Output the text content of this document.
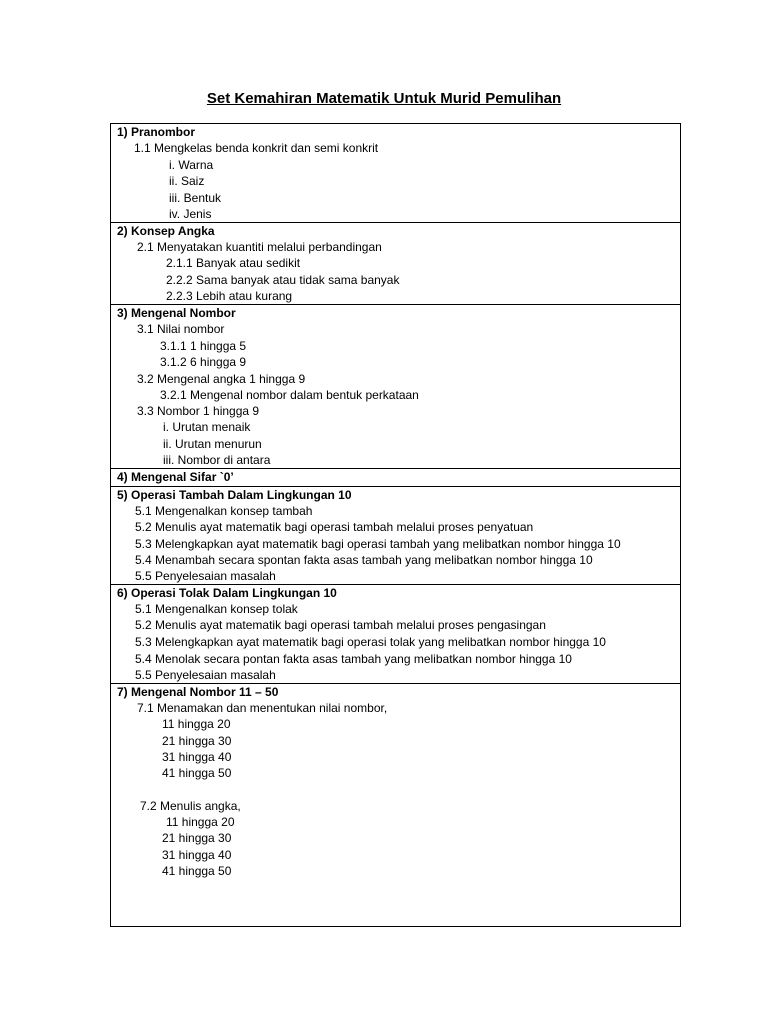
Set Kemahiran Matematik Untuk Murid Pemulihan
1) Pranombor
1.1 Mengkelas benda konkrit dan semi konkrit
i. Warna
ii. Saiz
iii. Bentuk
iv. Jenis
2) Konsep Angka
2.1 Menyatakan kuantiti melalui perbandingan
2.1.1 Banyak atau sedikit
2.2.2 Sama banyak atau tidak sama banyak
2.2.3 Lebih atau kurang
3) Mengenal Nombor
3.1 Nilai nombor
3.1.1 1 hingga 5
3.1.2 6 hingga 9
3.2 Mengenal angka 1 hingga 9
3.2.1 Mengenal nombor dalam bentuk perkataan
3.3 Nombor 1 hingga 9
i. Urutan menaik
ii. Urutan menurun
iii. Nombor di antara
4) Mengenal Sifar `0’
5) Operasi Tambah Dalam Lingkungan 10
5.1 Mengenalkan konsep tambah
5.2 Menulis ayat matematik bagi operasi tambah melalui proses penyatuan
5.3 Melengkapkan ayat matematik bagi operasi tambah yang melibatkan nombor hingga 10
5.4 Menambah secara spontan fakta asas tambah yang melibatkan nombor hingga 10
5.5 Penyelesaian masalah
6) Operasi Tolak Dalam Lingkungan 10
5.1 Mengenalkan konsep tolak
5.2 Menulis ayat matematik bagi operasi tambah melalui proses pengasingan
5.3 Melengkapkan ayat matematik bagi operasi tolak yang melibatkan nombor hingga 10
5.4 Menolak secara pontan fakta asas tambah yang melibatkan nombor hingga 10
5.5 Penyelesaian masalah
7) Mengenal Nombor 11 – 50
7.1 Menamakan dan menentukan nilai nombor,
11 hingga 20
21 hingga 30
31 hingga 40
41 hingga 50
7.2 Menulis angka,
11 hingga 20
21 hingga 30
31 hingga 40
41 hingga 50
